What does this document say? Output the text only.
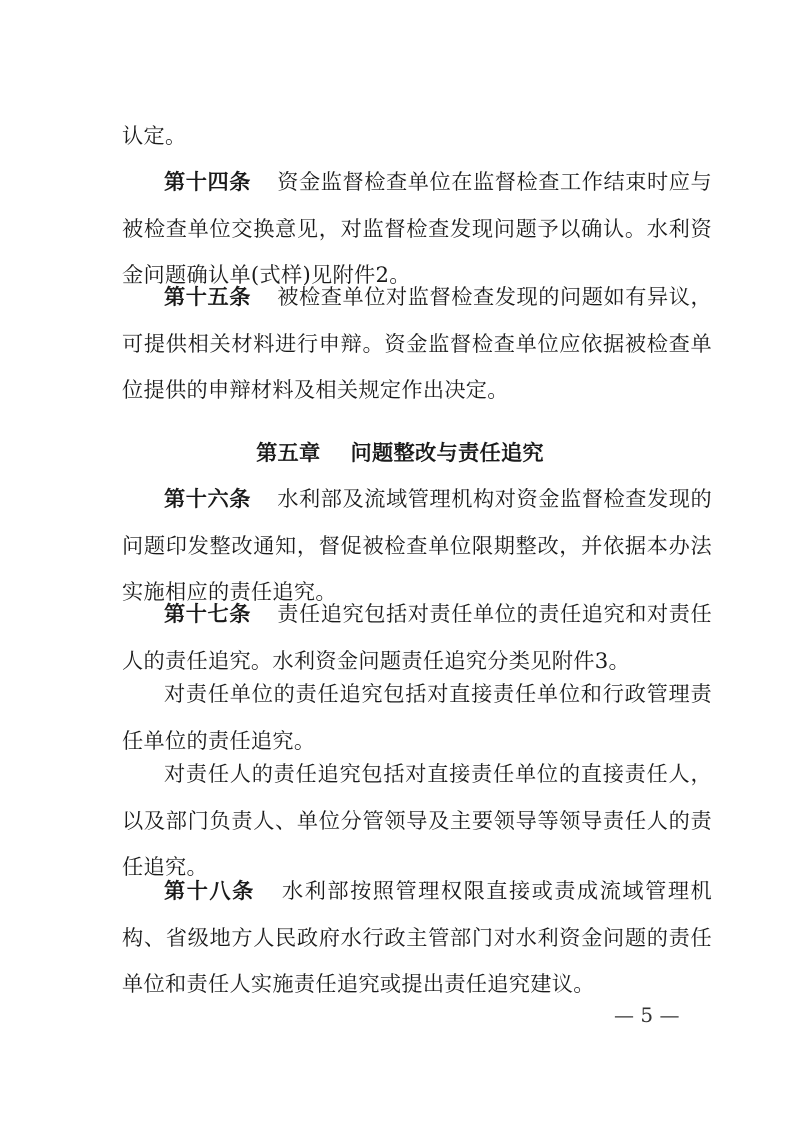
认定。

第十四条 资金监督检查单位在监督检查工作结束时应与被检查单位交换意见，对监督检查发现问题予以确认。水利资金问题确认单(式样)见附件2。

第十五条 被检查单位对监督检查发现的问题如有异议，可提供相关材料进行申辩。资金监督检查单位应依据被检查单位提供的申辩材料及相关规定作出决定。

第五章 问题整改与责任追究

第十六条 水利部及流域管理机构对资金监督检查发现的问题印发整改通知，督促被检查单位限期整改，并依据本办法实施相应的责任追究。

第十七条 责任追究包括对责任单位的责任追究和对责任人的责任追究。水利资金问题责任追究分类见附件3。

对责任单位的责任追究包括对直接责任单位和行政管理责任单位的责任追究。

对责任人的责任追究包括对直接责任单位的直接责任人，以及部门负责人、单位分管领导及主要领导等领导责任人的责任追究。

第十八条 水利部按照管理权限直接或责成流域管理机构、省级地方人民政府水行政主管部门对水利资金问题的责任单位和责任人实施责任追究或提出责任追究建议。

— 5 —
